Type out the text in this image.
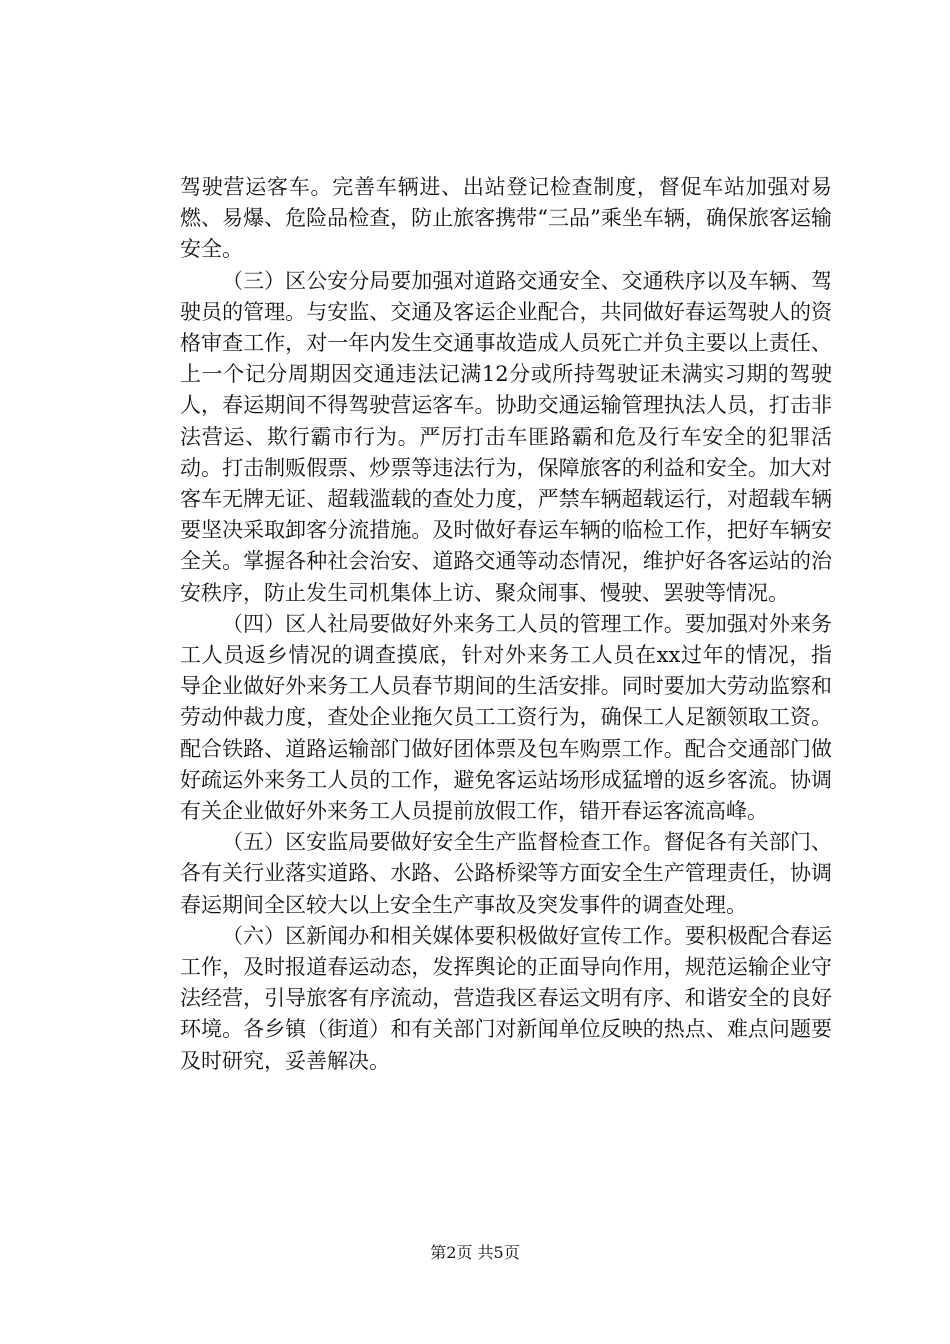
驾驶营运客车。完善车辆进、出站登记检查制度，督促车站加强对易燃、易爆、危险品检查，防止旅客携带“三品”乘坐车辆，确保旅客运输安全。

（三）区公安分局要加强对道路交通安全、交通秩序以及车辆、驾驶员的管理。与安监、交通及客运企业配合，共同做好春运驾驶人的资格审查工作，对一年内发生交通事故造成人员死亡并负主要以上责任、上一个记分周期因交通违法记满12分或所持驾驶证未满实习期的驾驶人，春运期间不得驾驶营运客车。协助交通运输管理执法人员，打击非法营运、欺行霸市行为。严厉打击车匪路霸和危及行车安全的犯罪活动。打击制贩假票、炒票等违法行为，保障旅客的利益和安全。加大对客车无牌无证、超载滥载的查处力度，严禁车辆超载运行，对超载车辆要坚决采取卸客分流措施。及时做好春运车辆的临检工作，把好车辆安全关。掌握各种社会治安、道路交通等动态情况，维护好各客运站的治安秩序，防止发生司机集体上访、聚众闹事、慢驶、罢驶等情况。

（四）区人社局要做好外来务工人员的管理工作。要加强对外来务工人员返乡情况的调查摸底，针对外来务工人员在xx过年的情况，指导企业做好外来务工人员春节期间的生活安排。同时要加大劳动监察和劳动仲裁力度，查处企业拖欠员工工资行为，确保工人足额领取工资。配合铁路、道路运输部门做好团体票及包车购票工作。配合交通部门做好疏运外来务工人员的工作，避免客运站场形成猛增的返乡客流。协调有关企业做好外来务工人员提前放假工作，错开春运客流高峰。

（五）区安监局要做好安全生产监督检查工作。督促各有关部门、各有关行业落实道路、水路、公路桥梁等方面安全生产管理责任，协调春运期间全区较大以上安全生产事故及突发事件的调查处理。

（六）区新闻办和相关媒体要积极做好宣传工作。要积极配合春运工作，及时报道春运动态，发挥舆论的正面导向作用，规范运输企业守法经营，引导旅客有序流动，营造我区春运文明有序、和谐安全的良好环境。各乡镇（街道）和有关部门对新闻单位反映的热点、难点问题要及时研究，妥善解决。

第2页 共5页
